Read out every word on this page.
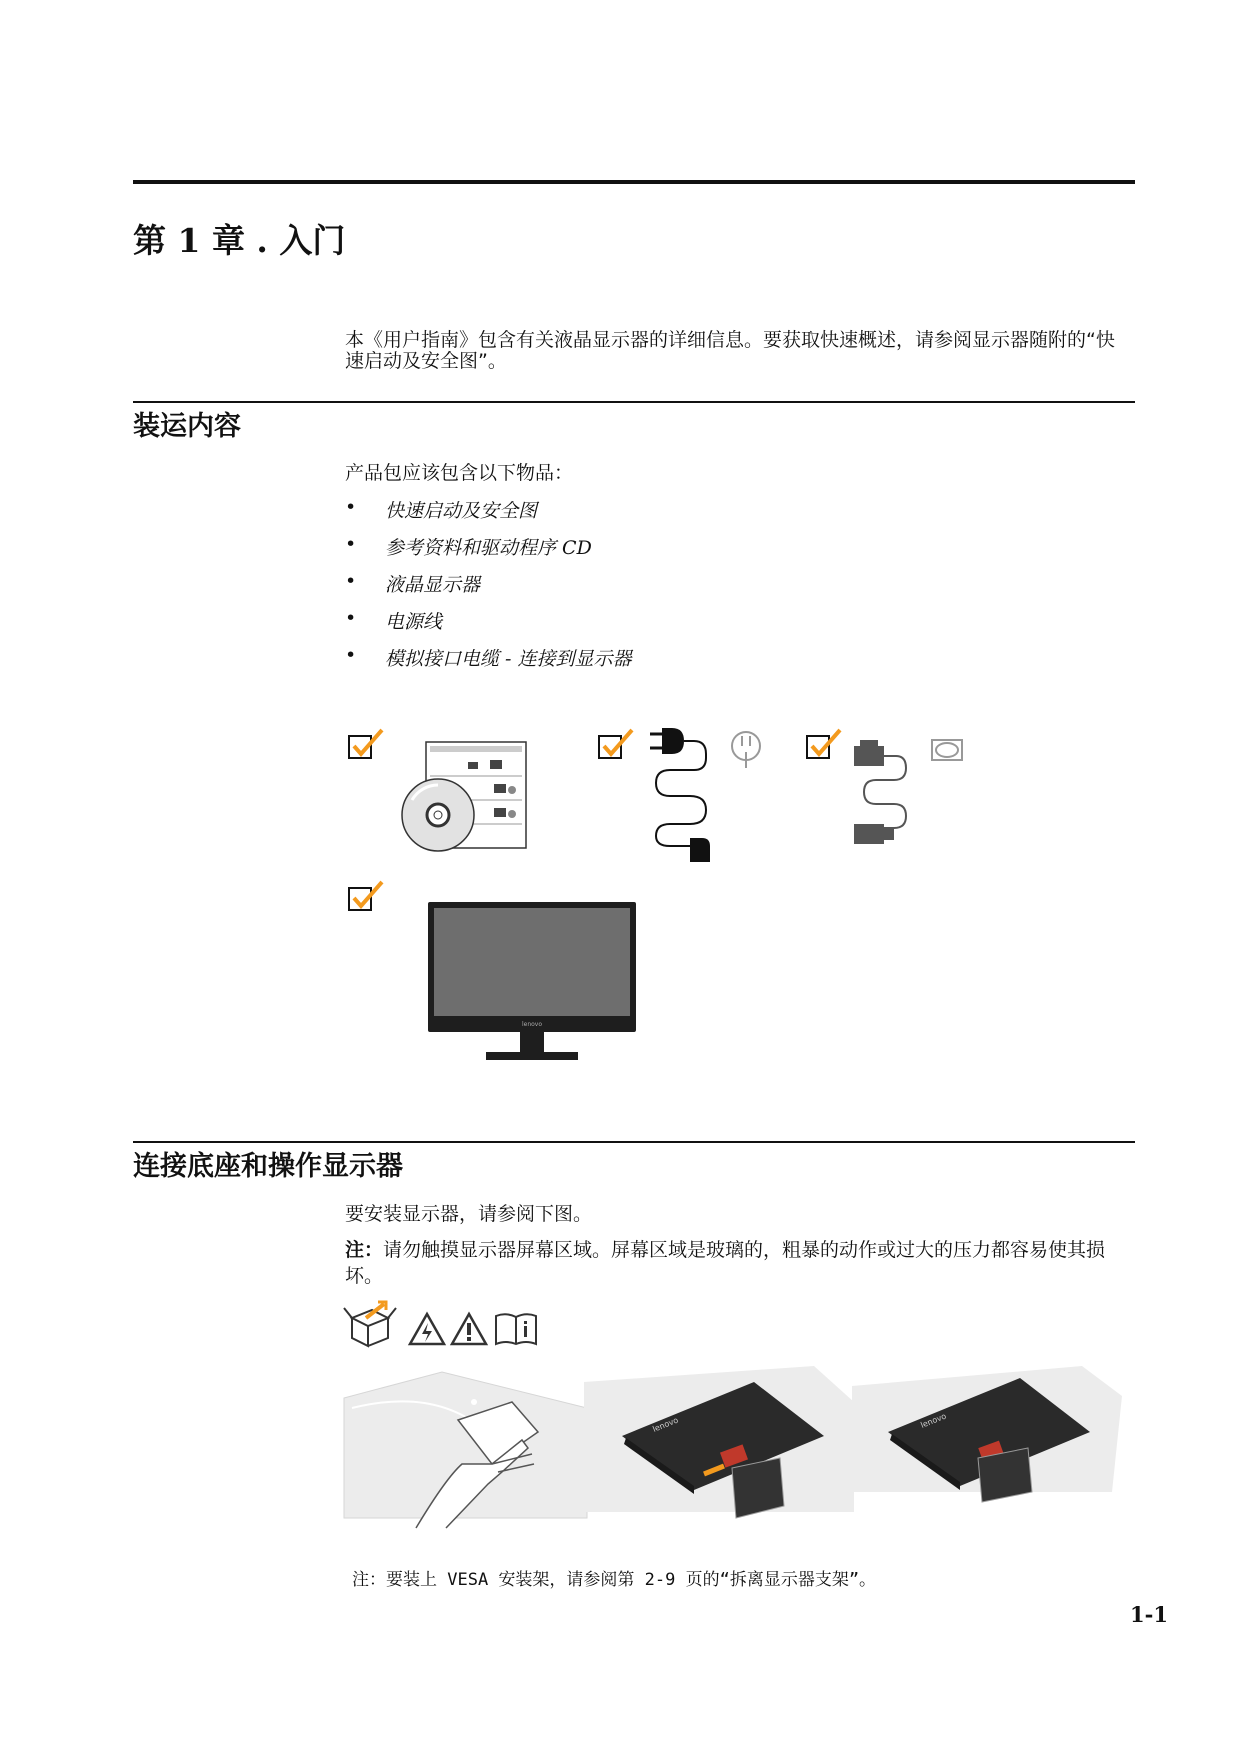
第 1 章 . 入门
本《用户指南》包含有关液晶显示器的详细信息。要获取快速概述，请参阅显示器随附的“快速启动及安全图”。
装运内容
产品包应该包含以下物品：
• 快速启动及安全图
• 参考资料和驱动程序 CD
• 液晶显示器
• 电源线
• 模拟接口电缆 - 连接到显示器
lenovo
连接底座和操作显示器
要安装显示器，请参阅下图。
注：请勿触摸显示器屏幕区域。屏幕区域是玻璃的，粗暴的动作或过大的压力都容易使其损坏。
lenovo	lenovo
注：要装上 VESA 安装架，请参阅第 2-9 页的“拆离显示器支架”。
1-1
